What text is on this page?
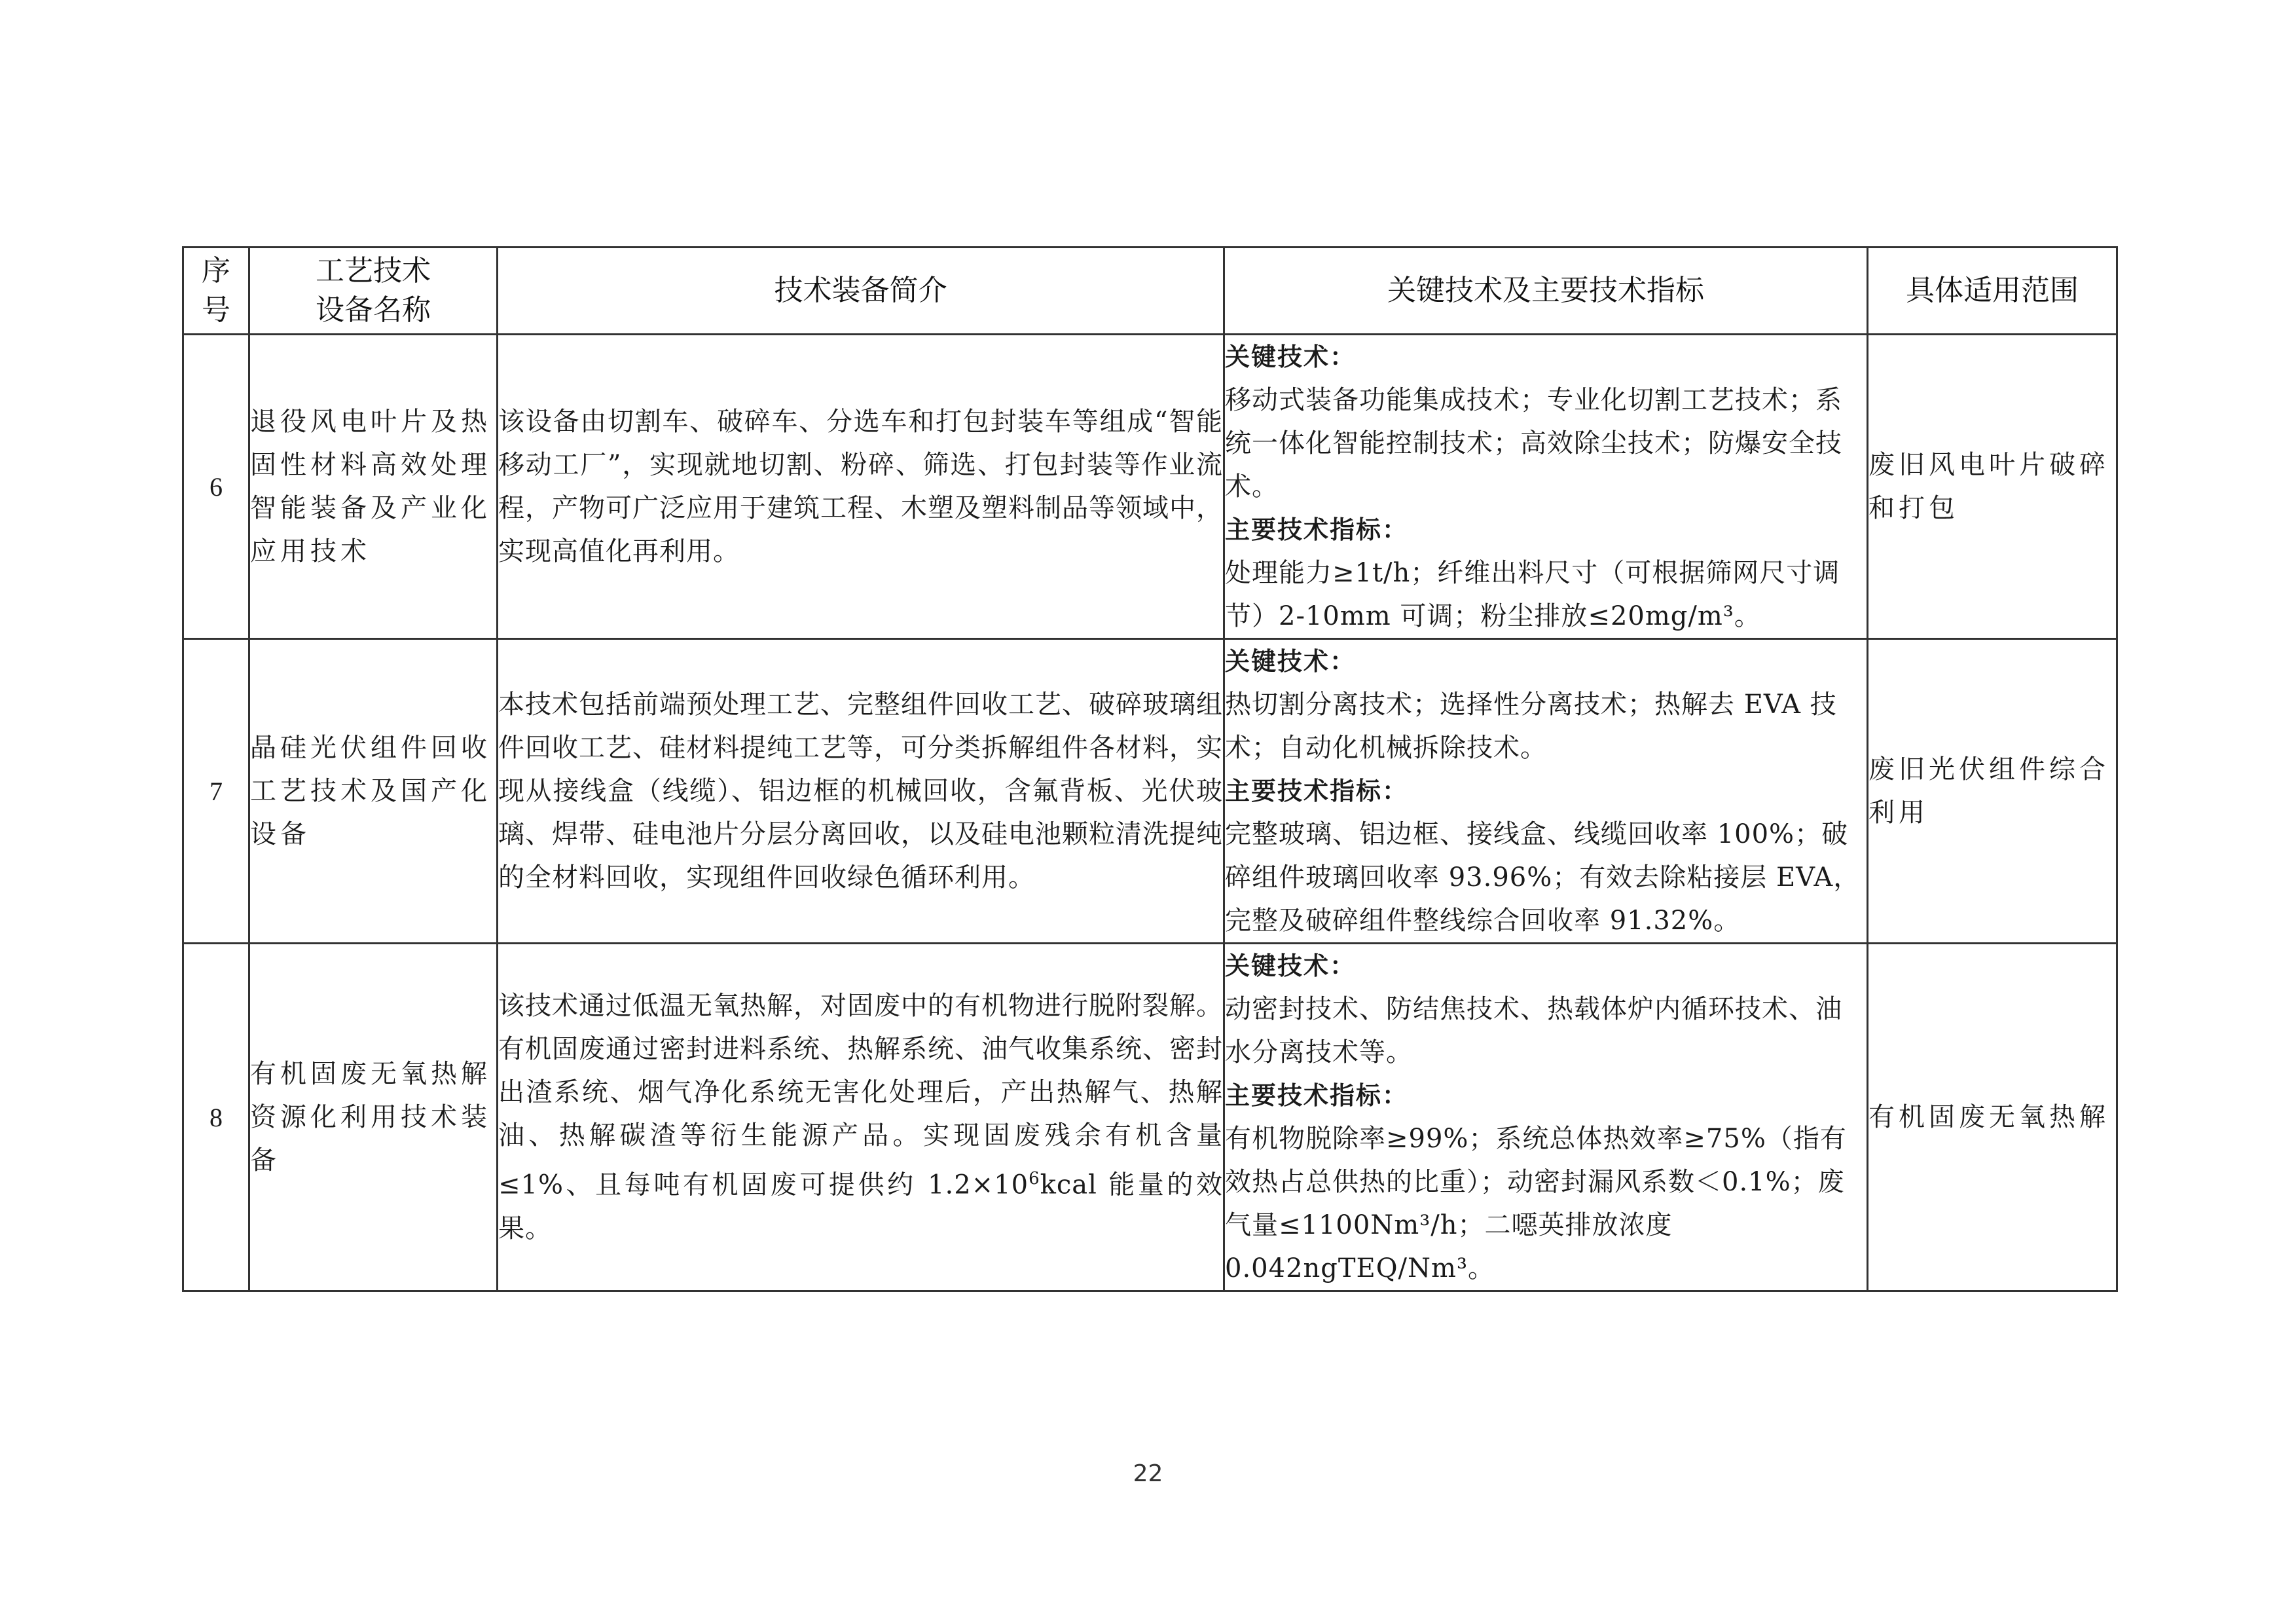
序
号	工艺技术
设备名称	技术装备简介	关键技术及主要技术指标	具体适用范围
6	退役风电叶片及热固性材料高效处理智能装备及产业化应用技术	该设备由切割车、破碎车、分选车和打包封装车等组成“智能移动工厂”，实现就地切割、粉碎、筛选、打包封装等作业流程，产物可广泛应用于建筑工程、木塑及塑料制品等领域中，实现高值化再利用。	关键技术：
移动式装备功能集成技术；专业化切割工艺技术；系统一体化智能控制技术；高效除尘技术；防爆安全技术。
主要技术指标：
处理能力≥1t/h；纤维出料尺寸（可根据筛网尺寸调节）2-10mm 可调；粉尘排放≤20mg/m³。	废旧风电叶片破碎和打包
7	晶硅光伏组件回收工艺技术及国产化设备	本技术包括前端预处理工艺、完整组件回收工艺、破碎玻璃组件回收工艺、硅材料提纯工艺等，可分类拆解组件各材料，实现从接线盒（线缆）、铝边框的机械回收，含氟背板、光伏玻璃、焊带、硅电池片分层分离回收，以及硅电池颗粒清洗提纯的全材料回收，实现组件回收绿色循环利用。	关键技术：
热切割分离技术；选择性分离技术；热解去 EVA 技术；自动化机械拆除技术。
主要技术指标：
完整玻璃、铝边框、接线盒、线缆回收率 100%；破碎组件玻璃回收率 93.96%；有效去除粘接层 EVA，完整及破碎组件整线综合回收率 91.32%。	废旧光伏组件综合利用
8	有机固废无氧热解资源化利用技术装备	该技术通过低温无氧热解，对固废中的有机物进行脱附裂解。有机固废通过密封进料系统、热解系统、油气收集系统、密封出渣系统、烟气净化系统无害化处理后，产出热解气、热解油、热解碳渣等衍生能源产品。实现固废残余有机含量≤1%、且每吨有机固废可提供约 $1.2\times 10^6kcal$ 能量的效果。	关键技术：
动密封技术、防结焦技术、热载体炉内循环技术、油水分离技术等。
主要技术指标：
有机物脱除率≥99%；系统总体热效率≥75%（指有效热占总供热的比重）；动密封漏风系数＜0.1%；废气量≤1100Nm³/h；二噁英排放浓度 0.042ngTEQ/Nm³。	有机固废无氧热解
22
